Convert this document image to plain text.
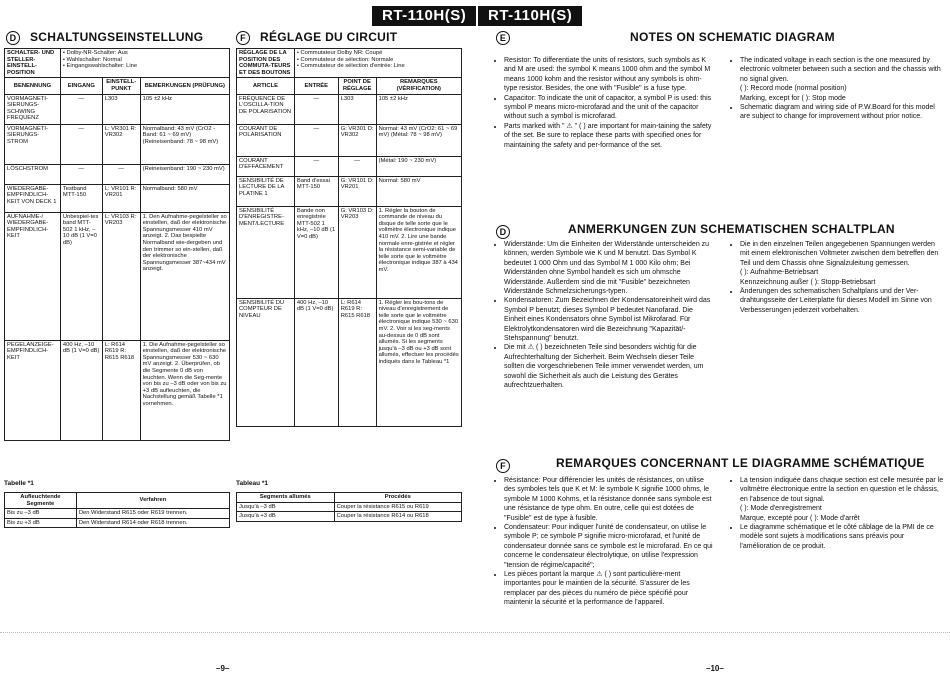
RT-110H(S)	RT-110H(S)
D SCHALTUNGSEINSTELLUNG
SCHALTER- UND STELLER-EINSTELL-POSITION	• Dolby-NR-Schalter: Aus
• Wahlschalter: Normal
• Eingangswahlschalter: Line		

BENENNUNG	EINGANG	EINSTELL-PUNKT	BEMERKUNGEN (PRÜFUNG)
VORMAGNETI-SIERUNGS-SCHWING FREQUENZ	—	L303	105 ±2 kHz
VORMAGNETI-SIERUNGS-STROM	—	L: VR301 R: VR302	Normalband: 43 mV (CrO2 -Band: 61 ~ 69 mV) (Reineisenband: 78 ~ 98 mV)
LÖSCHSTROM	—	—	(Reineisenband: 190 ~ 230 mV)
WIEDERGABE-EMPFINDLICH-KEIT VON DECK 1	Testband MTT-150	L: VR101 R: VR201	Normalband: 580 mV
AUFNAHME-/ WIEDERGABE-EMPFINDLICH-KEIT	Unbespiel-tes band MTT-502 1 kHz, –10 dB (1 V=0 dB)	L: VR103 R: VR203	1. Den Aufnahme-pegelsteller so einstellen, daß der elektronische Spannungsmesser 410 mV anzeigt. 2. Das bespielte Normalband wie-dergeben und den trimmer so ein-stellen, daß der elektronische Spannungsmesser 387~434 mV anzeigt.
PEGELANZEIGE-EMPFINDLICH-KEIT	400 Hz, –10 dB (1 V=0 dB)	L: R614 R619 R: R615 R618	1. Die Aufnahme-pegelsteller so einstellen, daß der elektronische Spannungsmesser 530 ~ 630 mV anzeigt. 2. Überprüfen, ob die Segmente 0 dB von leuchten. Wenn die Seg-mente von bis zu –3 dB oder von bis zu +3 dB aufleuchten, die Nachstellung gemäß Tabelle *1 vornehmen.
Tabelle *1
Aufleuchtende Segmente	Verfahren
Bis zu –3 dB	Den Widerstand R615 oder R619 trennen.
Bis zu +3 dB	Den Widerstand R614 oder R618 trennen.
F RÉGLAGE DU CIRCUIT
RÉGLAGE DE LA POSITION DES COMMUTA-TEURS ET DES BOUTONS	• Commutateur Dolby NR: Coupé
• Commutateur de sélection: Normale
• Commutateur de sélection d'entrée: Line		

ARTICLE	ENTRÉE	POINT DE RÉGLAGE	REMARQUES (VÉRIFICATION)
FRÉQUENCE DE L'OSCILLA-TION DE POLARISATION	—	L303	105 ±2 kHz
COURANT DE POLARISATION	—	G: VR301 D: VR302	Normal: 43 mV (CrO2: 61 ~ 69 mV) (Métal: 78 ~ 98 mV)
COURANT D'EFFACEMENT	—	—	(Métal: 190 ~ 230 mV)
SENSIBILITÉ DE LECTURE DE LA PLATINE 1	Band d'essai MTT-150	G: VR101 D: VR201	Normal: 580 mV
SENSIBILITÉ D'ENREGISTRE-MENT/LECTURE	Bande non enregistrée MTT-502 1 kHz, –10 dB (1 V=0 dB)	G: VR103 D: VR203	1. Régler la bouton de commande de niveau du disque de telle sorte que le voltmètre électronique indique 410 mV. 2. Lire une bande normale enre-gistrée et régler la résistance semi-variable de telle sorte que le voltmètre électronique indique 387 à 434 mV.
SENSIBILITÉ DU COMPTEUR DE NIVEAU	400 Hz, –10 dB (1 V=0 dB)	L: R614 R619 R: R615 R618	1. Régler les bou-tons de niveau d'enregistrement de telle sorte que le voltmètre électronique indique 530 ~ 630 mV. 2. Voir si les seg-ments au-dessus de 0 dB sont allumés. Si les segments jusqu'à –3 dB ou +3 dB sont allumés, effectuer les procédés indiqués dans le Tableau *1
Tableau *1
Segments allumés	Procédés
Jusqu'à –3 dB	Couper la résistance R615 ou R619
Jusqu'à +3 dB	Couper la résistance R614 ou R618
E	NOTES ON SCHEMATIC DIAGRAM
• Resistor: To differentiate the units of resistors, such symbols as K and M are used: the symbol K means 1000 ohm and the symbol M means 1000 kohm and the resistor without any symbols is ohm-type resistor. Besides, the one with "Fusible" is a fuse type.
• Capacitor: To indicate the unit of capacitor, a symbol P is used: this symbol P means micro-microfarad and the unit of the capacitor without such a symbol is microfarad.
• Parts marked with " ⚠ " ( ) are important for main-taining the safety of the set. Be sure to replace these parts with specified ones for maintaining the safety and per-formance of the set.
• The indicated voltage in each section is the one measured by electronic voltmeter between such a section and the chassis with no signal given.
( ): Record mode (normal position)
Marking, except for ( ): Stop mode
• Schematic diagram and wiring side of P.W.Board for this model are subject to change for improvement without prior notice.
D	ANMERKUNGEN ZUN SCHEMATISCHEN SCHALTPLAN
• Widerstände: Um die Einheiten der Widerstände unterscheiden zu können, werden Symbole wie K und M benutzt. Das Symbol K bedeutet 1 000 Ohm und das Symbol M 1 000 Kilo ohm; Bei Widerständen ohne Symbol handelt es sich um ohmsche Widerstände. Außerdem sind die mit "Fusible" bezeichneten Widerstände Schmelzsicherungs-typen.
• Kondensatoren: Zum Bezeichnen der Kondensatoreinheit wird das Symbol P benutzt; dieses Symbol P bedeutet Nanofarad. Die Einheit eines Kondensators ohne Symbol ist Mikrofarad. Für Elektrolytkondensatoren wird die Bezeichnung "Kapazität/-Stehspannung" benutzt.
• Die mit ⚠ ( ) bezeichneten Teile sind besonders wichtig für die Aufrechterhaltung der Sicherheit. Beim Wechseln dieser Teile sollten die vorgeschriebenen Teile immer verwendet werden, um sowohl die Sicherheit als auch die Leistung des Gerätes aufrechtzuerhalten.
• Die in den einzelnen Teilen angegebenen Spannungen werden mit einem elektronischen Voltmeter zwischen dem betreffen den Teil und dem Chassis ohne Signalzuleitung gemessen.
( ): Aufnahme-Betriebsart
Kennzeichnung außer ( ): Stopp-Betriebsart
• Änderungen des schematischen Schaltplans und der Ver-drahtungsseite der Leiterplatte für dieses Modell im Sinne von Verbesserungen jederzeit vorbehalten.
F	REMARQUES CONCERNANT LE DIAGRAMME SCHÉMATIQUE
• Résistance: Pour différencier les unités de résistances, on utilise des symboles tels que K et M: le symbole K signifie 1000 ohms, le symbole M 1000 Kohms, et la résistance donnée sans symbole est une résistance de type ohm. En outre, celle qui est dotées de "Fusible" est de type à fusible.
• Condensateur: Pour indiquer l'unité de condensateur, on utilise le symbole P; ce symbole P signifie micro-microfarad, et l'unité de condensateur donnée sans ce symbole est le microfarad. En ce qui concerne le condensateur électrolytique, on utilise l'expression "tension de régime/capacité";
• Les pièces portant la marque ⚠ ( ) sont particulière-ment importantes pour le maintien de la sécurité. S'assurer de les remplacer par des pièces du numéro de pièce spécifié pour maintenir la sécurité et la performance de l'appareil.
• La tension indiquée dans chaque section est celle mesurée par le voltmètre électronique entre la section en question et le châssis, en l'absence de tout signal.
( ): Mode d'enregistrement
Marque, excepté pour ( ): Mode d'arrêt
• Le diagramme schématique et le côté câblage de la PMI de ce modèle sont sujets à modifications sans préavis pour l'amélioration de ce produit.
–9–	–10–
